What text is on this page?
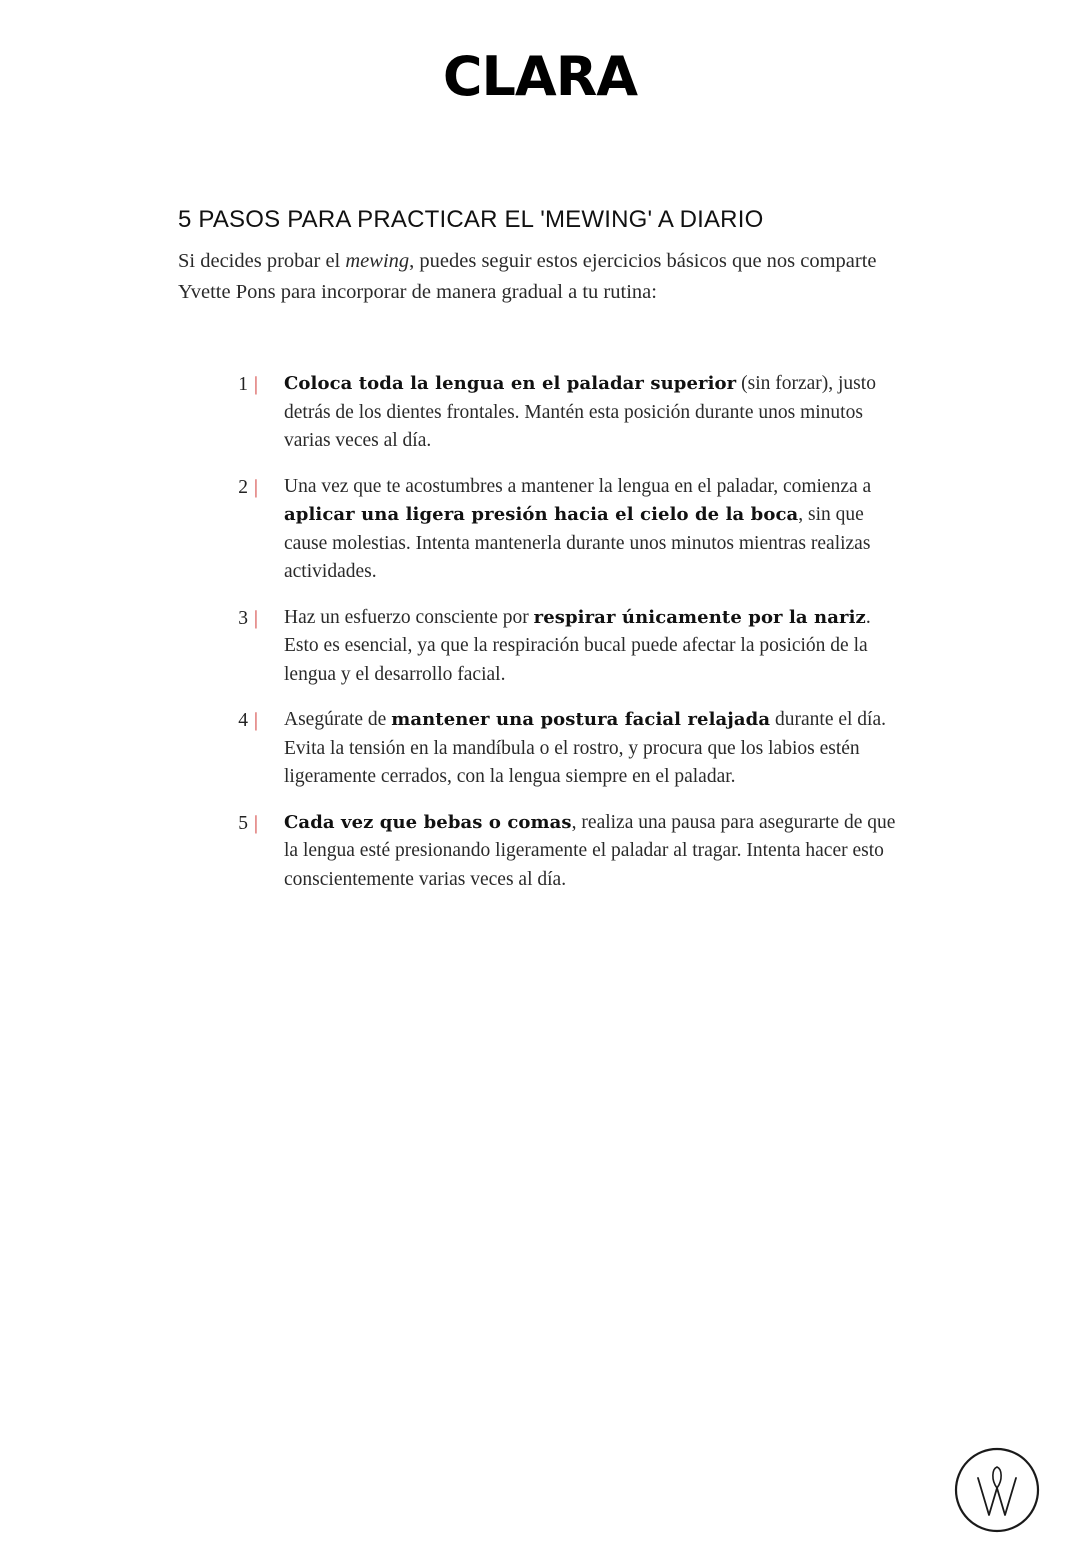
CLARA
5 PASOS PARA PRACTICAR EL 'MEWING' A DIARIO

Si decides probar el mewing, puedes seguir estos ejercicios básicos que nos comparte Yvette Pons para incorporar de manera gradual a tu rutina:

1 |	Coloca toda la lengua en el paladar superior (sin forzar), justo detrás de los dientes frontales. Mantén esta posición durante unos minutos varias veces al día.
2 |	Una vez que te acostumbres a mantener la lengua en el paladar, comienza a aplicar una ligera presión hacia el cielo de la boca, sin que cause molestias. Intenta mantenerla durante unos minutos mientras realizas actividades.
3 |	Haz un esfuerzo consciente por respirar únicamente por la nariz. Esto es esencial, ya que la respiración bucal puede afectar la posición de la lengua y el desarrollo facial.
4 |	Asegúrate de mantener una postura facial relajada durante el día. Evita la tensión en la mandíbula o el rostro, y procura que los labios estén ligeramente cerrados, con la lengua siempre en el paladar.
5 |	Cada vez que bebas o comas, realiza una pausa para asegurarte de que la lengua esté presionando ligeramente el paladar al tragar. Intenta hacer esto conscientemente varias veces al día.
